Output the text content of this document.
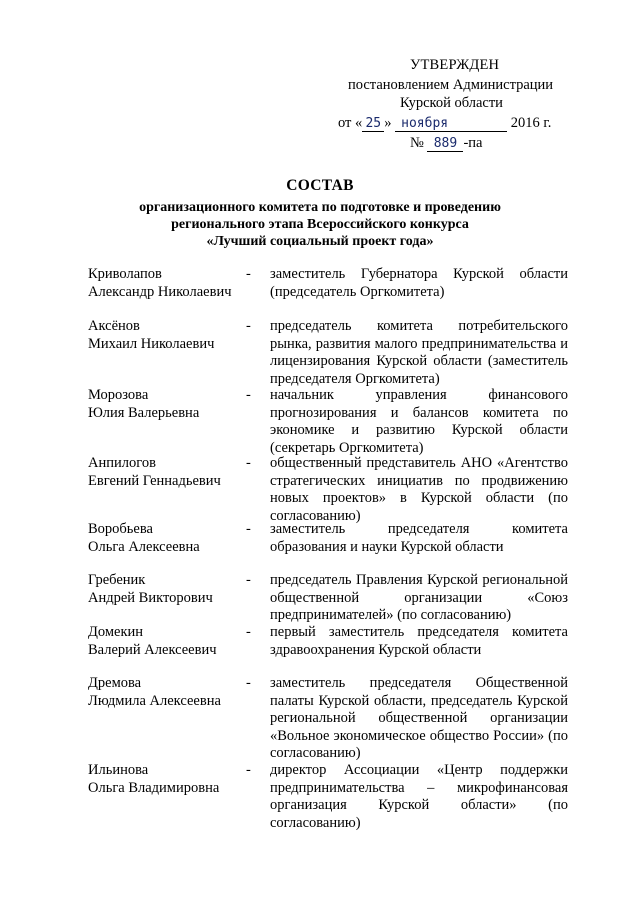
УТВЕРЖДЕН
постановлением Администрации
Курской области
от « 25 » ноября	2016 г.
№ 889 -па
СОСТАВ
организационного комитета по подготовке и проведению
регионального этапа Всероссийского конкурса
«Лучший социальный проект года»
Криволапов
Александр Николаевич
- заместитель Губернатора Курской области (председатель Оргкомитета)
Аксёнов
Михаил Николаевич
- председатель комитета потребительского рынка, развития малого предпринимательства и лицензирования Курской области (заместитель председателя Оргкомитета)
Морозова
Юлия Валерьевна
- начальник управления финансового прогнозирования и балансов комитета по экономике и развитию Курской области (секретарь Оргкомитета)
Анпилогов
Евгений Геннадьевич
- общественный представитель АНО «Агентство стратегических инициатив по продвижению новых проектов» в Курской области (по согласованию)
Воробьева
Ольга Алексеевна
- заместитель председателя комитета образования и науки Курской области
Гребеник
Андрей Викторович
- председатель Правления Курской региональной общественной организации «Союз предпринимателей» (по согласованию)
Домекин
Валерий Алексеевич
- первый заместитель председателя комитета здравоохранения Курской области
Дремова
Людмила Алексеевна
- заместитель председателя Общественной палаты Курской области, председатель Курской региональной общественной организации «Вольное экономическое общество России» (по согласованию)
Ильинова
Ольга Владимировна
- директор Ассоциации «Центр поддержки предпринимательства – микрофинансовая организация Курской области» (по согласованию)
